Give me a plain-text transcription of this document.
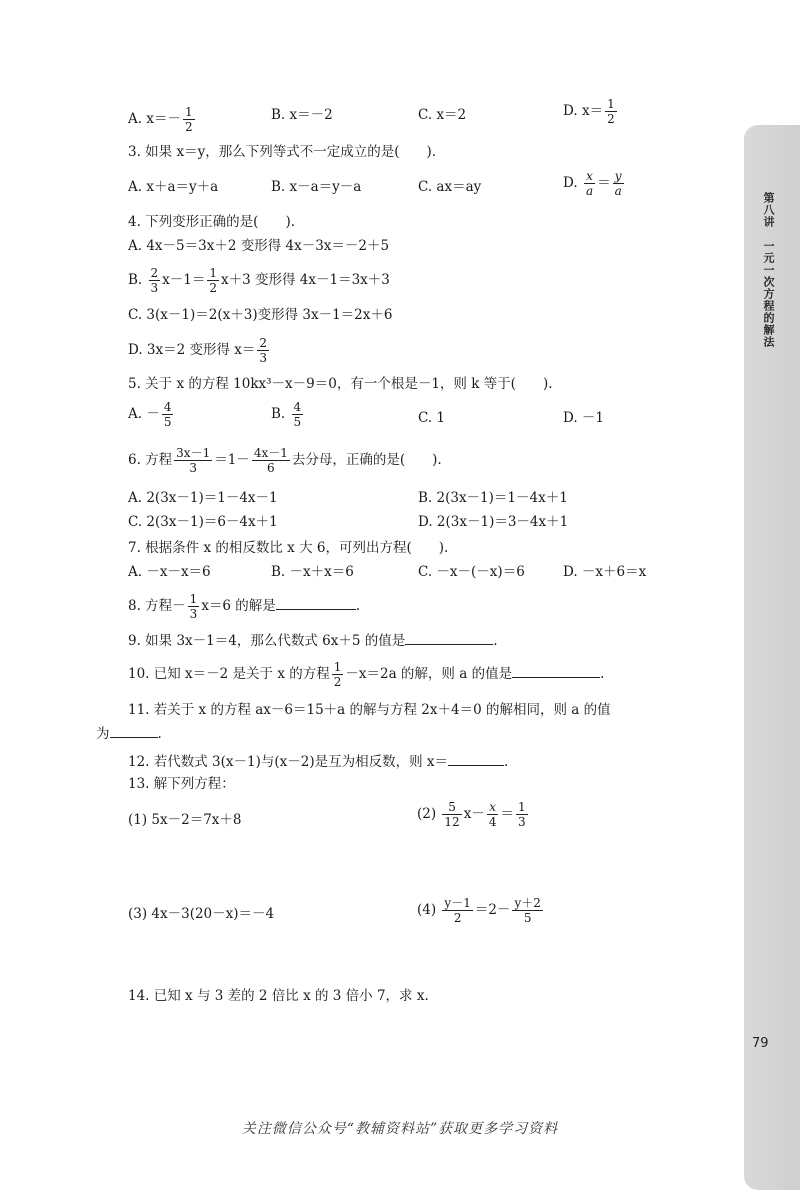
第八讲　一元一次方程的解法
79
A. $x=- \frac{1}{2}$	B. x＝－2	C. x＝2	D. $x= \frac{1}{2}$
3. 如果 x＝y，那么下列等式不一定成立的是(　　).
A. x＋a＝y＋a	B. x－a＝y－a	C. ax＝ay	D. $\frac{x}{a} = \frac{y}{a}$
4. 下列变形正确的是(　　).
A. 4x－5＝3x＋2 变形得 4x－3x＝－2＋5
B. $\frac{2}{3} x-1= \frac{1}{2} x+3$ 变形得 4x－1＝3x＋3
C. 3(x－1)＝2(x＋3)变形得 3x－1＝2x＋6
D. 3x＝2 变形得 $x= \frac{2}{3}$
5. 关于 x 的方程 10kx³－x－9＝0，有一个根是－1，则 k 等于(　　).
A. － $\frac{4}{5}$	B. $\frac{4}{5}$	C. 1	D. －1
6. 方程 $\frac{3x-1}{3} =1- \frac{4x-1}{6}$ 去分母，正确的是(　　).
A. 2(3x－1)＝1－4x－1	B. 2(3x－1)＝1－4x＋1
C. 2(3x－1)＝6－4x＋1	D. 2(3x－1)＝3－4x＋1
7. 根据条件 x 的相反数比 x 大 6，可列出方程(　　).
A. －x－x＝6	B. －x＋x＝6	C. －x－(－x)＝6	D. －x＋6＝x
8. 方程－ $\frac{1}{3} x=6$ 的解是	.
9. 如果 3x－1＝4，那么代数式 6x＋5 的值是	.
10. 已知 x＝－2 是关于 x 的方程 $\frac{1}{2} -x=2a$ 的解，则 a 的值是	.
11. 若关于 x 的方程 ax－6＝15＋a 的解与方程 2x＋4＝0 的解相同，则 a 的值
为	.
12. 若代数式 3(x－1)与(x－2)是互为相反数，则 x＝	.
13. 解下列方程：
(1) 5x－2＝7x＋8	$(2) \frac{5}{12} x- \frac{x}{4} = \frac{1}{3}$
(3) 4x－3(20－x)＝－4	$(4) \frac{y-1}{2} =2- \frac{y+2}{5}$
14. 已知 x 与 3 差的 2 倍比 x 的 3 倍小 7，求 x.
关注微信公众号“教辅资料站”获取更多学习资料
